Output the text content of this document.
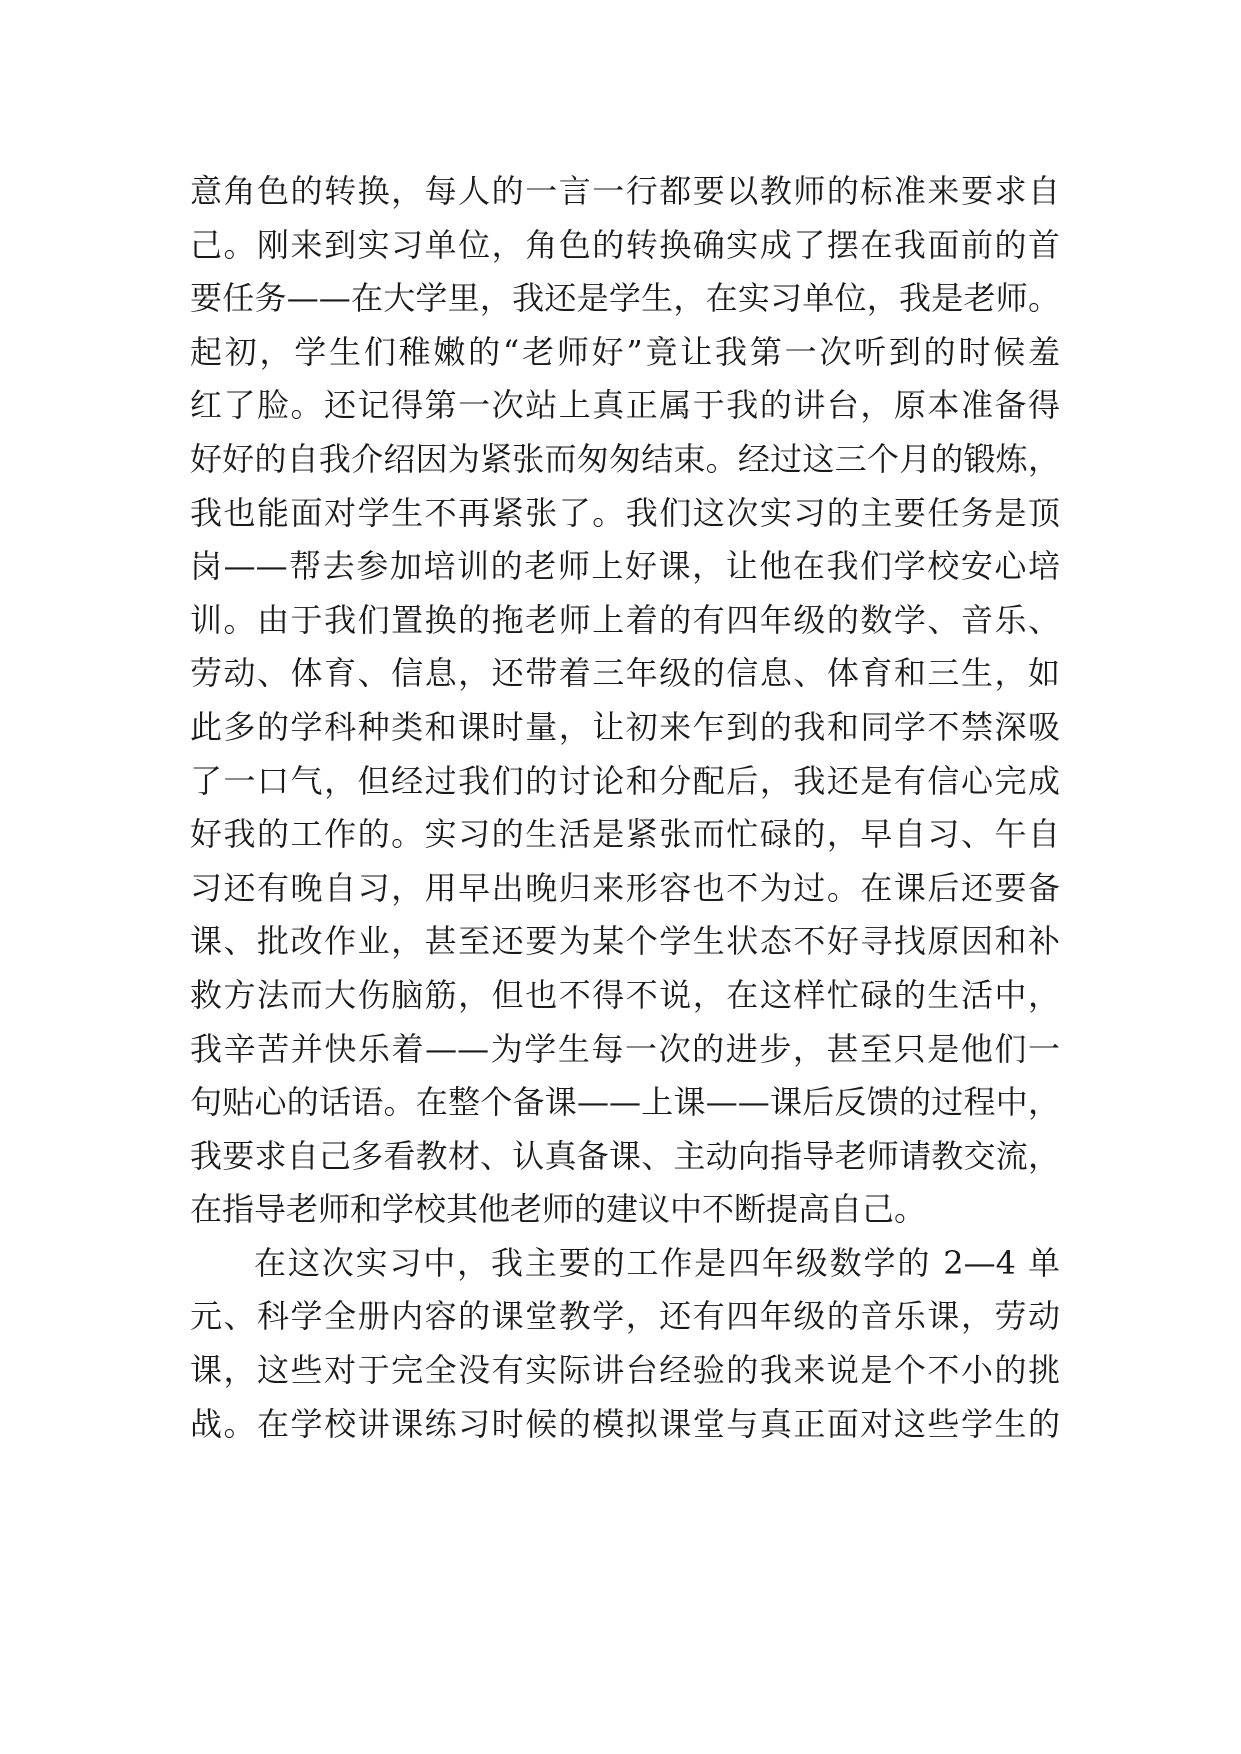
意角色的转换，每人的一言一行都要以教师的标准来要求自
己。刚来到实习单位，角色的转换确实成了摆在我面前的首
要任务——在大学里，我还是学生，在实习单位，我是老师。
起初，学生们稚嫩的“老师好”竟让我第一次听到的时候羞
红了脸。还记得第一次站上真正属于我的讲台，原本准备得
好好的自我介绍因为紧张而匆匆结束。经过这三个月的锻炼，
我也能面对学生不再紧张了。我们这次实习的主要任务是顶
岗——帮去参加培训的老师上好课，让他在我们学校安心培
训。由于我们置换的拖老师上着的有四年级的数学、音乐、
劳动、体育、信息，还带着三年级的信息、体育和三生，如
此多的学科种类和课时量，让初来乍到的我和同学不禁深吸
了一口气，但经过我们的讨论和分配后，我还是有信心完成
好我的工作的。实习的生活是紧张而忙碌的，早自习、午自
习还有晚自习，用早出晚归来形容也不为过。在课后还要备
课、批改作业，甚至还要为某个学生状态不好寻找原因和补
救方法而大伤脑筋，但也不得不说，在这样忙碌的生活中，
我辛苦并快乐着——为学生每一次的进步，甚至只是他们一
句贴心的话语。在整个备课——上课——课后反馈的过程中，
我要求自己多看教材、认真备课、主动向指导老师请教交流，
在指导老师和学校其他老师的建议中不断提高自己。
在这次实习中，我主要的工作是四年级数学的 2—4 单
元、科学全册内容的课堂教学，还有四年级的音乐课，劳动
课，这些对于完全没有实际讲台经验的我来说是个不小的挑
战。在学校讲课练习时候的模拟课堂与真正面对这些学生的
